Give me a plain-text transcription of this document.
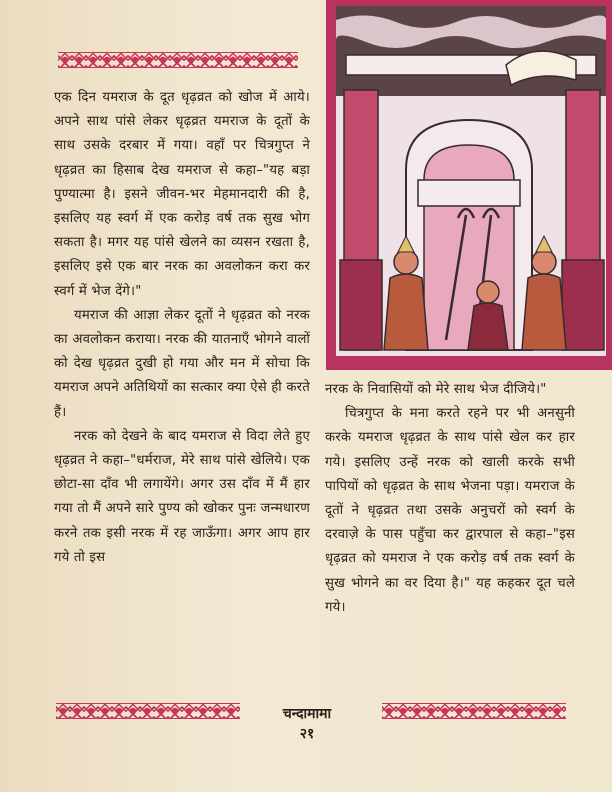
एक दिन यमराज के दूत धृढ़व्रत को खोज में आये। अपने साथ पांसे लेकर धृढ़व्रत यमराज के दूतों के साथ उसके दरबार में गया। वहाँ पर चित्रगुप्त ने धृढ़व्रत का हिसाब देख यमराज से कहा–"यह बड़ा पुण्यात्मा है। इसने जीवन-भर मेहमानदारी की है, इसलिए यह स्वर्ग में एक करोड़ वर्ष तक सुख भोग सकता है। मगर यह पांसे खेलने का व्यसन रखता है, इसलिए इसे एक बार नरक का अवलोकन करा कर स्वर्ग में भेज देंगे।"

यमराज की आज्ञा लेकर दूतों ने धृढ़व्रत को नरक का अवलोकन कराया। नरक की यातनाएँ भोगने वालों को देख धृढ़व्रत दुखी हो गया और मन में सोचा कि यमराज अपने अतिथियों का सत्कार क्या ऐसे ही करते हैं।

नरक को देखने के बाद यमराज से विदा लेते हुए धृढ़व्रत ने कहा–"धर्मराज, मेरे साथ पांसे खेलिये। एक छोटा-सा दाँव भी लगायेंगे। अगर उस दाँव में मैं हार गया तो मैं अपने सारे पुण्य को खोकर पुनः जन्मधारण करने तक इसी नरक में रह जाऊँगा। अगर आप हार गये तो इस

नरक के निवासियों को मेरे साथ भेज दीजिये।"

चित्रगुप्त के मना करते रहने पर भी अनसुनी करके यमराज धृढ़व्रत के साथ पांसे खेल कर हार गये। इसलिए उन्हें नरक को खाली करके सभी पापियों को धृढ़व्रत के साथ भेजना पड़ा। यमराज के दूतों ने धृढ़व्रत तथा उसके अनुचरों को स्वर्ग के दरवाज़े के पास पहुँचा कर द्वारपाल से कहा–"इस धृढ़व्रत को यमराज ने एक करोड़ वर्ष तक स्वर्ग के सुख भोगने का वर दिया है।" यह कहकर दूत चले गये।

चन्दामामा
२१
